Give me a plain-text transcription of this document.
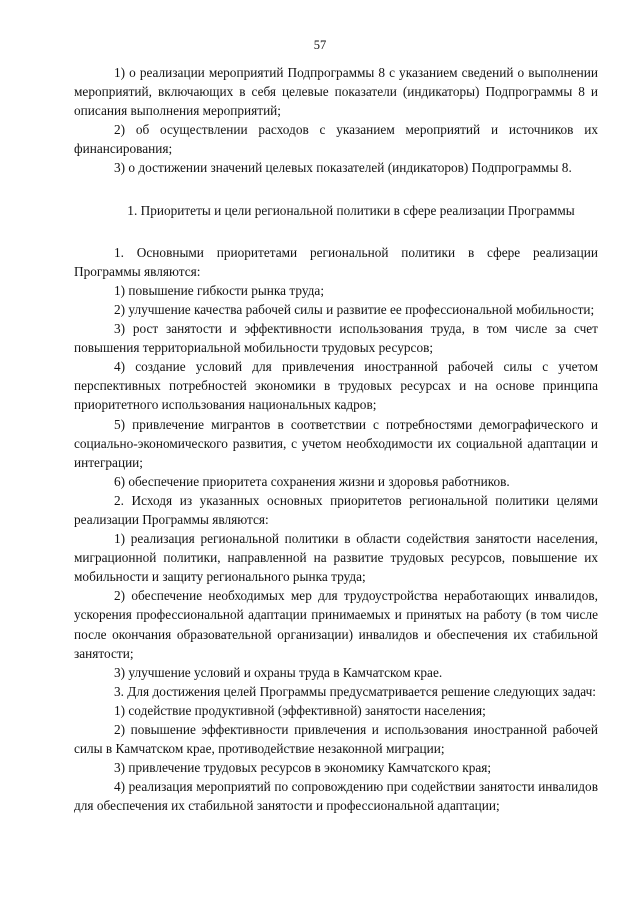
57

1) о реализации мероприятий Подпрограммы 8 с указанием сведений о выполнении мероприятий, включающих в себя целевые показатели (индикаторы) Подпрограммы 8 и описания выполнения мероприятий;

2) об осуществлении расходов с указанием мероприятий и источников их финансирования;

3) о достижении значений целевых показателей (индикаторов) Подпрограммы 8.

1. Приоритеты и цели региональной политики в сфере реализации Программы

1. Основными приоритетами региональной политики в сфере реализации Программы являются:

1) повышение гибкости рынка труда;

2) улучшение качества рабочей силы и развитие ее профессиональной мобильности;

3) рост занятости и эффективности использования труда, в том числе за счет повышения территориальной мобильности трудовых ресурсов;

4) создание условий для привлечения иностранной рабочей силы с учетом перспективных потребностей экономики в трудовых ресурсах и на основе принципа приоритетного использования национальных кадров;

5) привлечение мигрантов в соответствии с потребностями демографического и социально-экономического развития, с учетом необходимости их социальной адаптации и интеграции;

6) обеспечение приоритета сохранения жизни и здоровья работников.

2. Исходя из указанных основных приоритетов региональной политики целями реализации Программы являются:

1) реализация региональной политики в области содействия занятости населения, миграционной политики, направленной на развитие трудовых ресурсов, повышение их мобильности и защиту регионального рынка труда;

2) обеспечение необходимых мер для трудоустройства неработающих инвалидов, ускорения профессиональной адаптации принимаемых и принятых на работу (в том числе после окончания образовательной организации) инвалидов и обеспечения их стабильной занятости;

3) улучшение условий и охраны труда в Камчатском крае.

3. Для достижения целей Программы предусматривается решение следующих задач:

1) содействие продуктивной (эффективной) занятости населения;

2) повышение эффективности привлечения и использования иностранной рабочей силы в Камчатском крае, противодействие незаконной миграции;

3) привлечение трудовых ресурсов в экономику Камчатского края;

4) реализация мероприятий по сопровождению при содействии занятости инвалидов для обеспечения их стабильной занятости и профессиональной адаптации;
